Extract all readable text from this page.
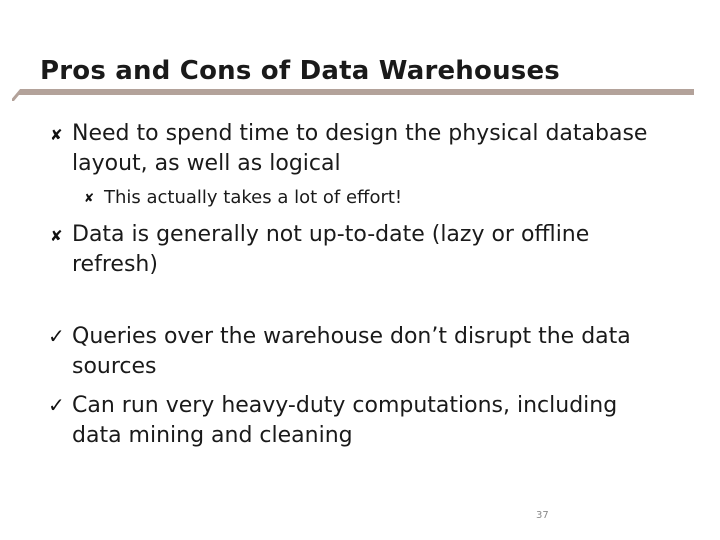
Pros and Cons of Data Warehouses
✘ Need to spend time to design the physical database
layout, as well as logical
✘ This actually takes a lot of effort!
✘ Data is generally not up-to-date (lazy or offline
refresh)
✓ Queries over the warehouse don’t disrupt the data
sources
✓ Can run very heavy-duty computations, including
data mining and cleaning
37
